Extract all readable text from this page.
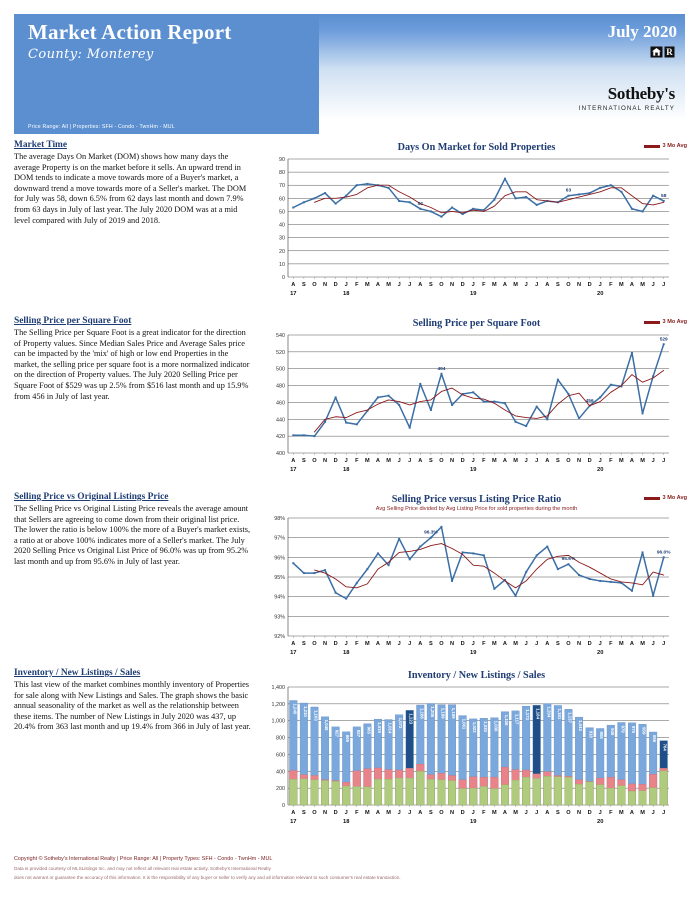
Market Action Report
County: Monterey
July 2020
R
Sotheby's
INTERNATIONAL REALTY
Price Range: All | Properties: SFH - Condo - TwnHm - MUL
Market Time
The average Days On Market (DOM) shows how many days the average Property is on the market before it sells. An upward trend in DOM tends to indicate a move towards more of a Buyer's market, a downward trend a move towards more of a Seller's market. The DOM for July was 58, down 6.5% from 62 days last month and down 7.9% from 63 days in July of last year. The July 2020 DOM was at a mid level compared with July of 2019 and 2018.
Days On Market for Sold Properties	3 Mo Avg
0
10
20
30
40
50
60
70
80
90
A S O N D J F M A M J J A S O N D J F M A M J J A S O N D J F M A M J J
17	18	19	20
52
63
58
Selling Price per Square Foot
The Selling Price per Square Foot is a great indicator for the direction of Property values. Since Median Sales Price and Average Sales price can be impacted by the 'mix' of high or low end Properties in the market, the selling price per square foot is a more normalized indicator on the direction of Property values. The July 2020 Selling Price per Square Foot of $529 was up 2.5% from $516 last month and up 15.9% from 456 in July of last year.
Selling Price per Square Foot	3 Mo Avg
400
420
440
460
480
500
520
540
A S O N D J F M A M J J A S O N D J F M A M J J A S O N D J F M A M J J
17	18	19	20
494
456
529
Selling Price vs Original Listings Price
The Selling Price vs Original Listing Price reveals the average amount that Sellers are agreeing to come down from their original list price. The lower the ratio is below 100% the more of a Buyer's market exists, a ratio at or above 100% indicates more of a Seller's market. The July 2020 Selling Price vs Original List Price of 96.0% was up from 95.2% last month and up from 95.6% in July of last year.
Selling Price versus Listing Price Ratio
Avg Selling Price divided by Avg Listing Price for sold properties during the month
3 Mo Avg
92%
93%
94%
95%
96%
97%
98%
A S O N D J F M A M J J A S O N D J F M A M J J A S O N D J F M A M J J
17	18	19	20
96.3%
95.6%
96.0%
Inventory / New Listings / Sales
This last view of the market combines monthly inventory of Properties for sale along with New Listings and Sales. The graph shows the basic annual seasonality of the market as well as the relationship between these items. The number of New Listings in July 2020 was 437, up 20.4% from 363 last month and up 19.4% from 366 in July of last year.
Inventory / New Listings / Sales
0
200
400
600
800
1,000
1,200
1,400
A S O N D J F M A M J J A S O N D J F M A M J J A S O N D J F M A M J J
17	18	19	20
1,240 1,210 1,163
1,048
927
869
927 965 1,019 1,014 1,072 1,123 1,186 1,205 1,189 1,189
1,061 1,022 1,030 1,036
1,108 1,117 1,173 1,184 1,204 1,181 1,137
1,043
918 908 948 979 975 959
866
764
Copyright © Sotheby's International Realty | Price Range: All | Property Types: SFH - Condo - TwnHm - MUL
Data is provided courtesy of MLSListings Inc. and may not reflect all relevant real estate activity. Sotheby's International Realty
does not warrant or guarantee the accuracy of this information. It is the responsibility of any buyer or seller to verify any and all information relevant to such consumer's real estate transaction.
